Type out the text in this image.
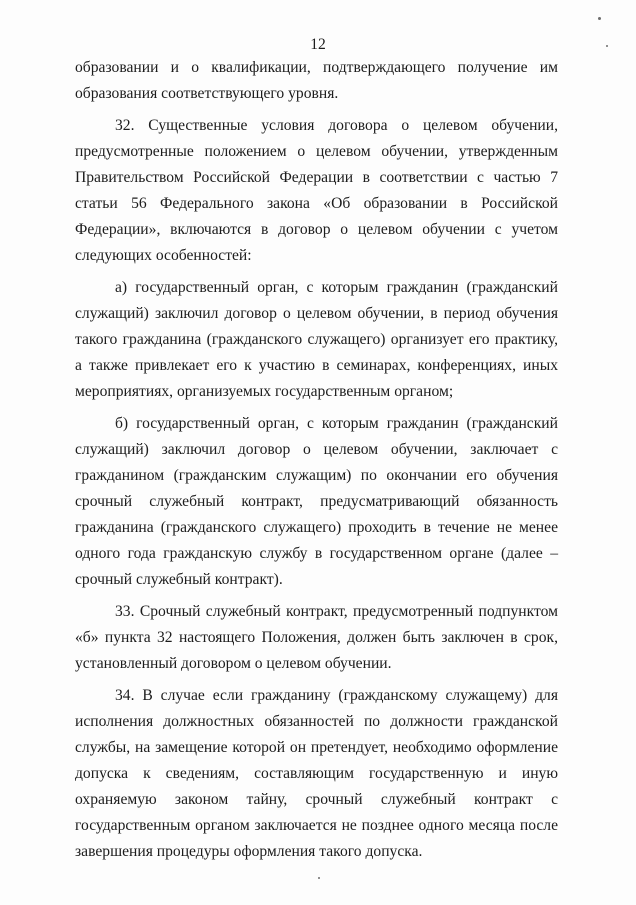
12

образовании и о квалификации, подтверждающего получение им образования соответствующего уровня.

32. Существенные условия договора о целевом обучении, предусмотренные положением о целевом обучении, утвержденным Правительством Российской Федерации в соответствии с частью 7 статьи 56 Федерального закона «Об образовании в Российской Федерации», включаются в договор о целевом обучении с учетом следующих особенностей:

а) государственный орган, с которым гражданин (гражданский служащий) заключил договор о целевом обучении, в период обучения такого гражданина (гражданского служащего) организует его практику, а также привлекает его к участию в семинарах, конференциях, иных мероприятиях, организуемых государственным органом;

б) государственный орган, с которым гражданин (гражданский служащий) заключил договор о целевом обучении, заключает с гражданином (гражданским служащим) по окончании его обучения срочный служебный контракт, предусматривающий обязанность гражданина (гражданского служащего) проходить в течение не менее одного года гражданскую службу в государственном органе (далее – срочный служебный контракт).

33. Срочный служебный контракт, предусмотренный подпунктом «б» пункта 32 настоящего Положения, должен быть заключен в срок, установленный договором о целевом обучении.

34. В случае если гражданину (гражданскому служащему) для исполнения должностных обязанностей по должности гражданской службы, на замещение которой он претендует, необходимо оформление допуска к сведениям, составляющим государственную и иную охраняемую законом тайну, срочный служебный контракт с государственным органом заключается не позднее одного месяца после завершения процедуры оформления такого допуска.
